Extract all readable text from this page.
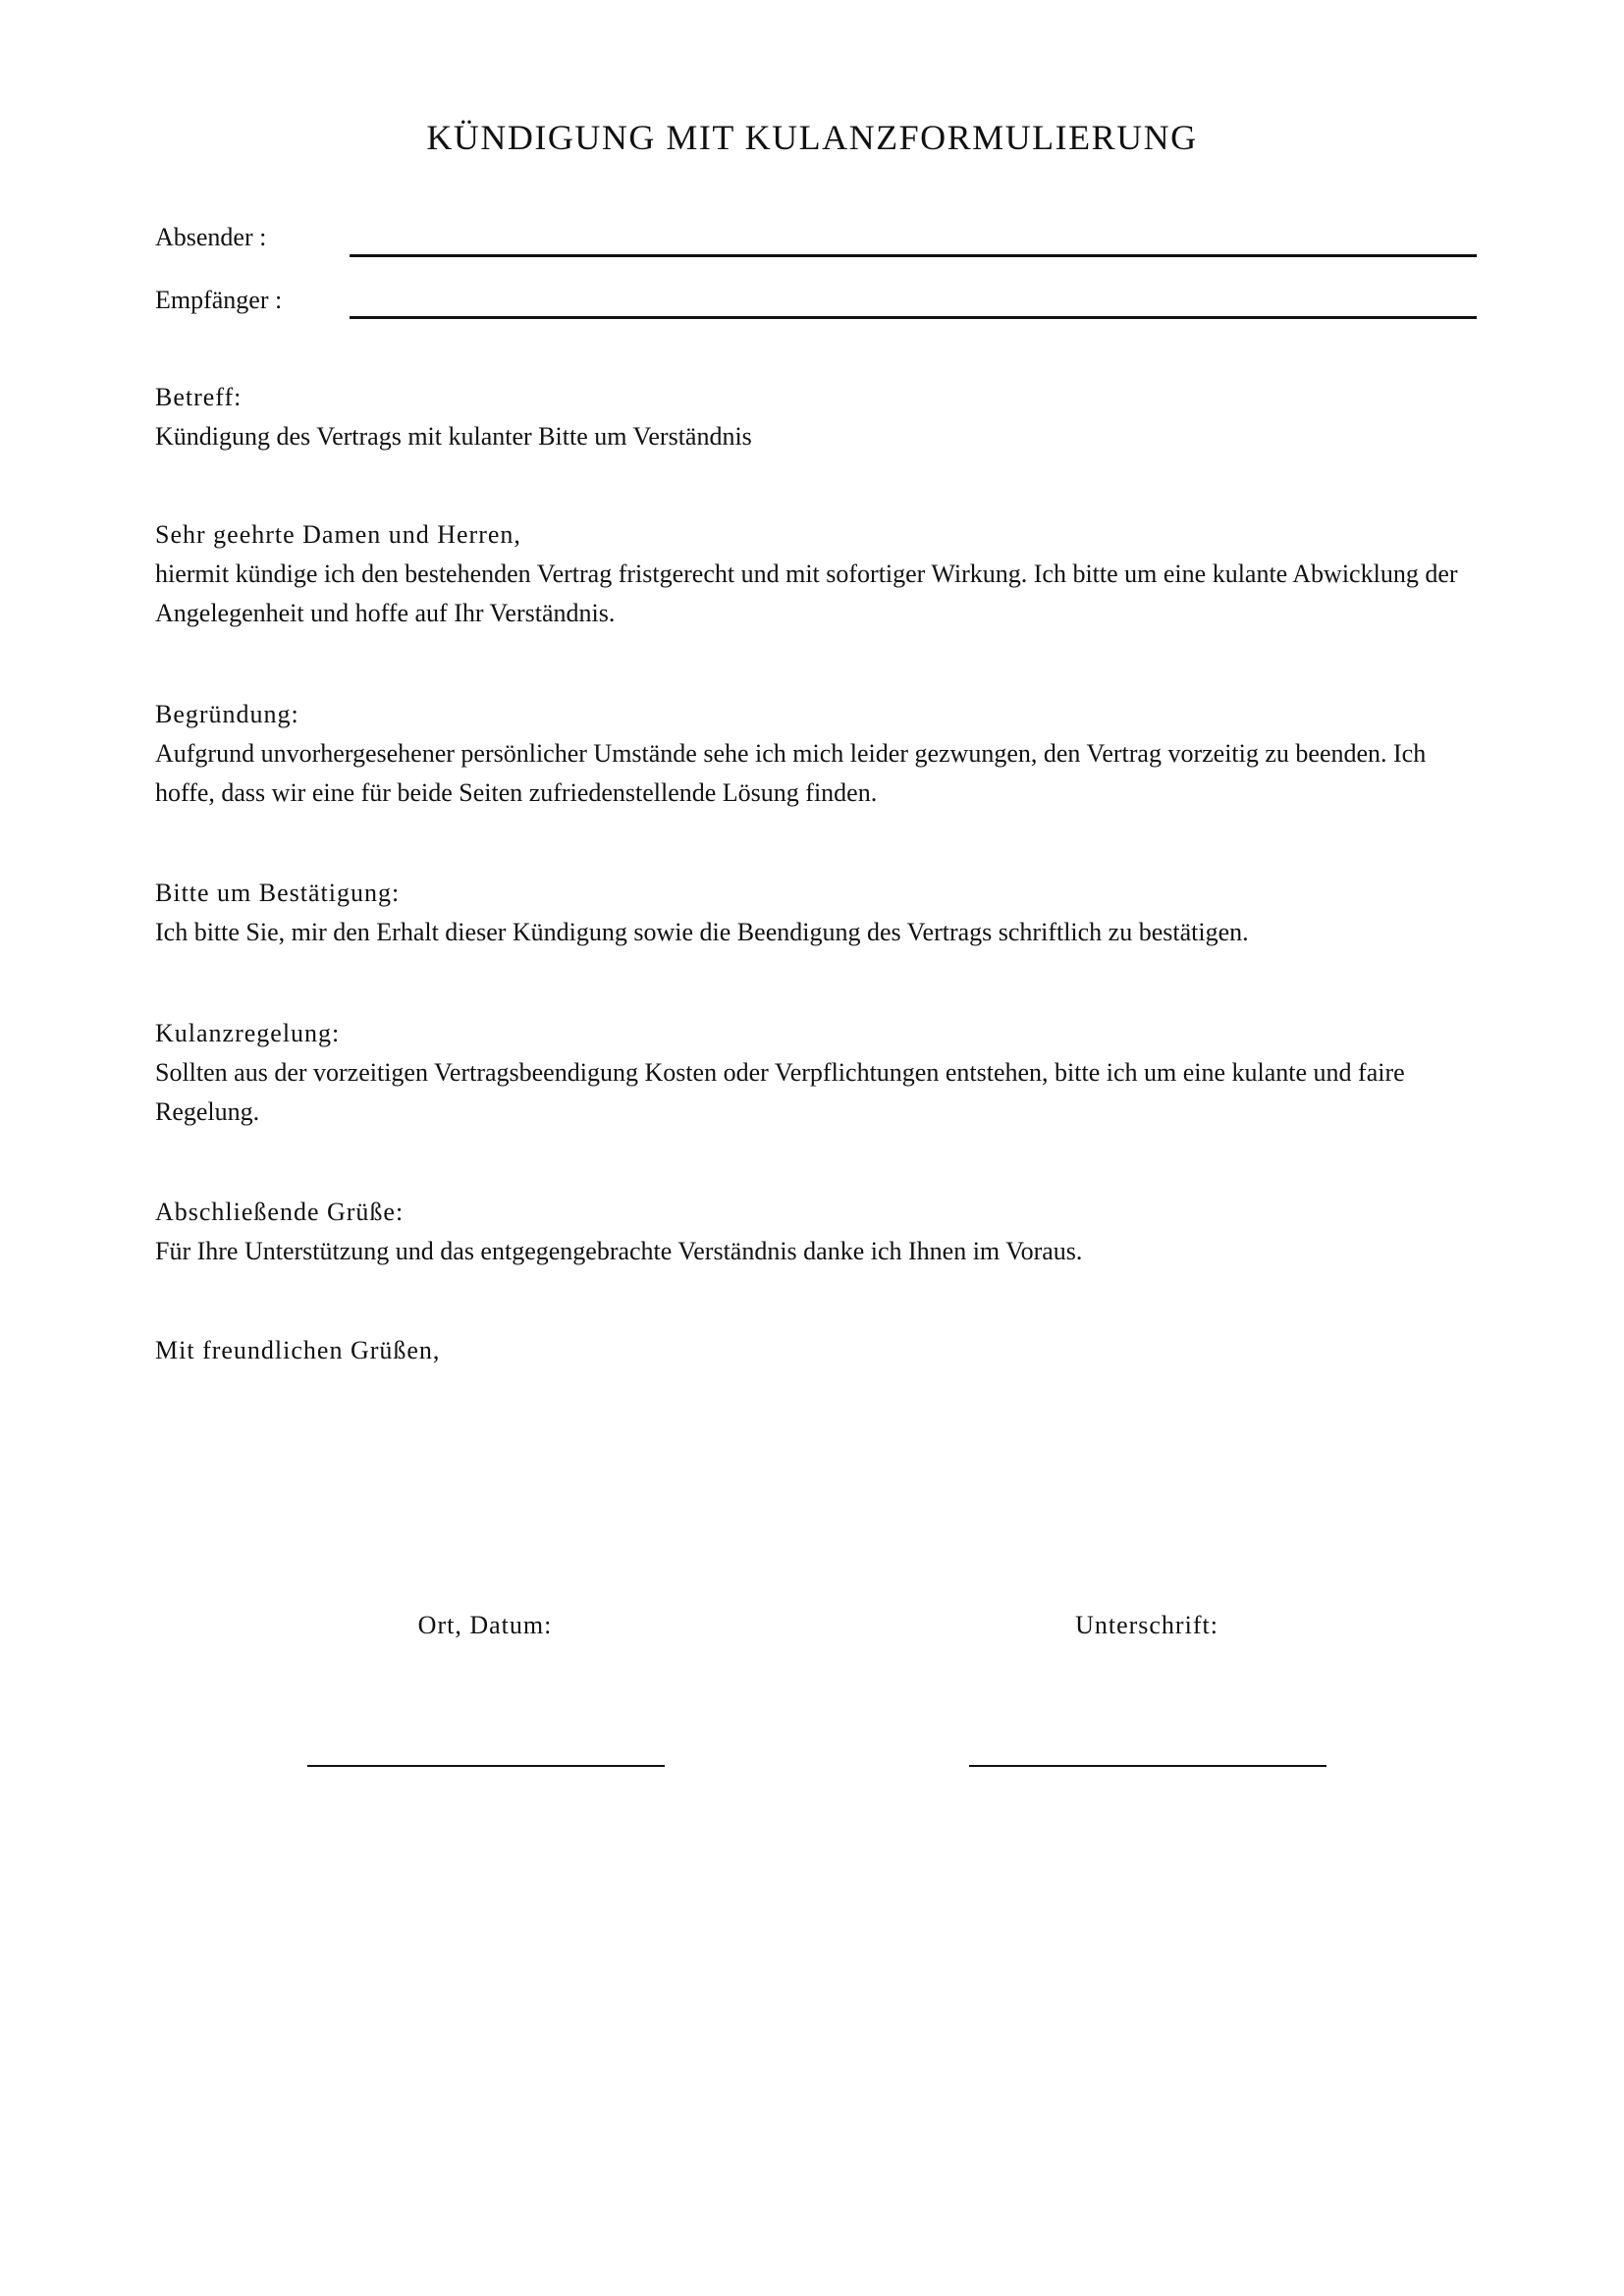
KÜNDIGUNG MIT KULANZFORMULIERUNG
Absender :
Empfänger :
Betreff:

Kündigung des Vertrags mit kulanter Bitte um Verständnis

Sehr geehrte Damen und Herren,

hiermit kündige ich den bestehenden Vertrag fristgerecht und mit sofortiger Wirkung. Ich bitte um eine kulante Abwicklung der Angelegenheit und hoffe auf Ihr Verständnis.

Begründung:

Aufgrund unvorhergesehener persönlicher Umstände sehe ich mich leider gezwungen, den Vertrag vorzeitig zu beenden. Ich hoffe, dass wir eine für beide Seiten zufriedenstellende Lösung finden.

Bitte um Bestätigung:

Ich bitte Sie, mir den Erhalt dieser Kündigung sowie die Beendigung des Vertrags schriftlich zu bestätigen.

Kulanzregelung:

Sollten aus der vorzeitigen Vertragsbeendigung Kosten oder Verpflichtungen entstehen, bitte ich um eine kulante und faire Regelung.

Abschließende Grüße:

Für Ihre Unterstützung und das entgegengebrachte Verständnis danke ich Ihnen im Voraus.

Mit freundlichen Grüßen,
Ort, Datum:	Unterschrift:
